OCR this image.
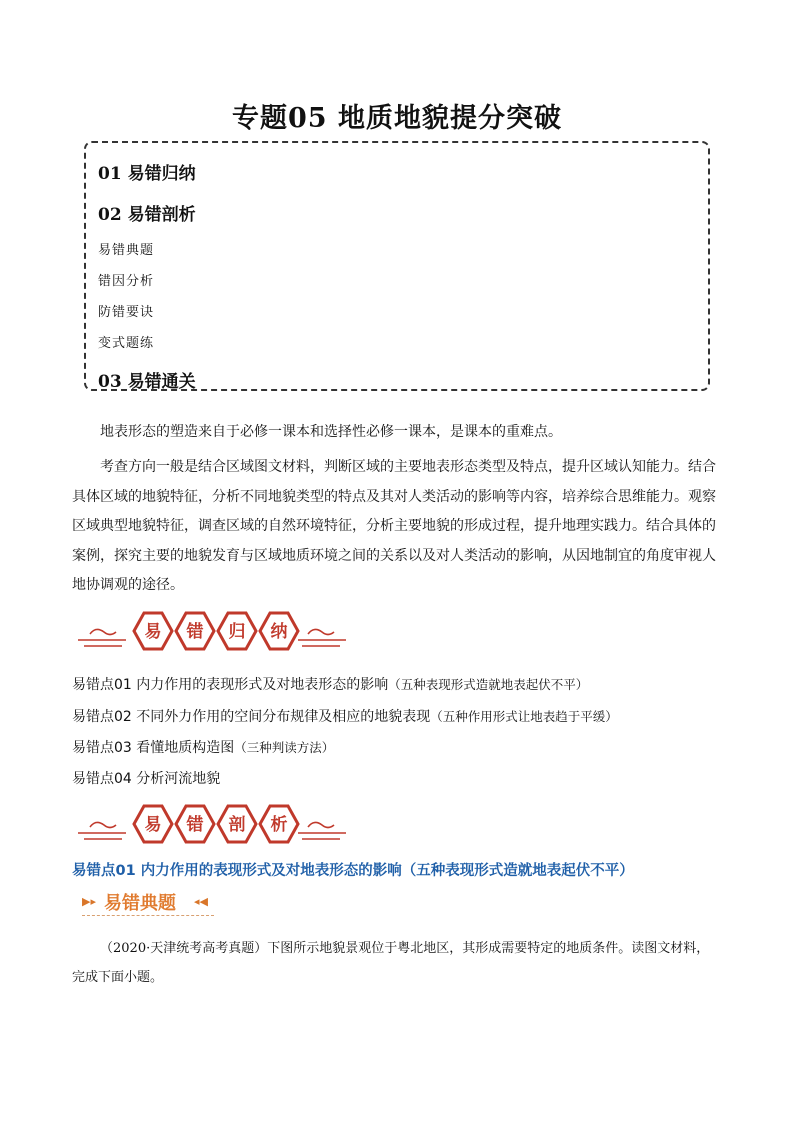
专题05 地质地貌提分突破
01 易错归纳
02 易错剖析
易错典题
错因分析
防错要诀
变式题练
03 易错通关
地表形态的塑造来自于必修一课本和选择性必修一课本，是课本的重难点。
考查方向一般是结合区域图文材料，判断区域的主要地表形态类型及特点，提升区域认知能力。结合具体区域的地貌特征，分析不同地貌类型的特点及其对人类活动的影响等内容，培养综合思维能力。观察区域典型地貌特征，调查区域的自然环境特征，分析主要地貌的形成过程，提升地理实践力。结合具体的案例，探究主要的地貌发育与区域地质环境之间的关系以及对人类活动的影响，从因地制宜的角度审视人地协调观的途径。
易 错 归 纳
易错点01 内力作用的表现形式及对地表形态的影响（五种表现形式造就地表起伏不平）
易错点02 不同外力作用的空间分布规律及相应的地貌表现（五种作用形式让地表趋于平缓）
易错点03 看懂地质构造图（三种判读方法）
易错点04 分析河流地貌
易 错 剖 析
易错点01 内力作用的表现形式及对地表形态的影响（五种表现形式造就地表起伏不平）
▶▸ 易错典题 ◂◀
（2020·天津统考高考真题）下图所示地貌景观位于粤北地区，其形成需要特定的地质条件。读图文材料，完成下面小题。
